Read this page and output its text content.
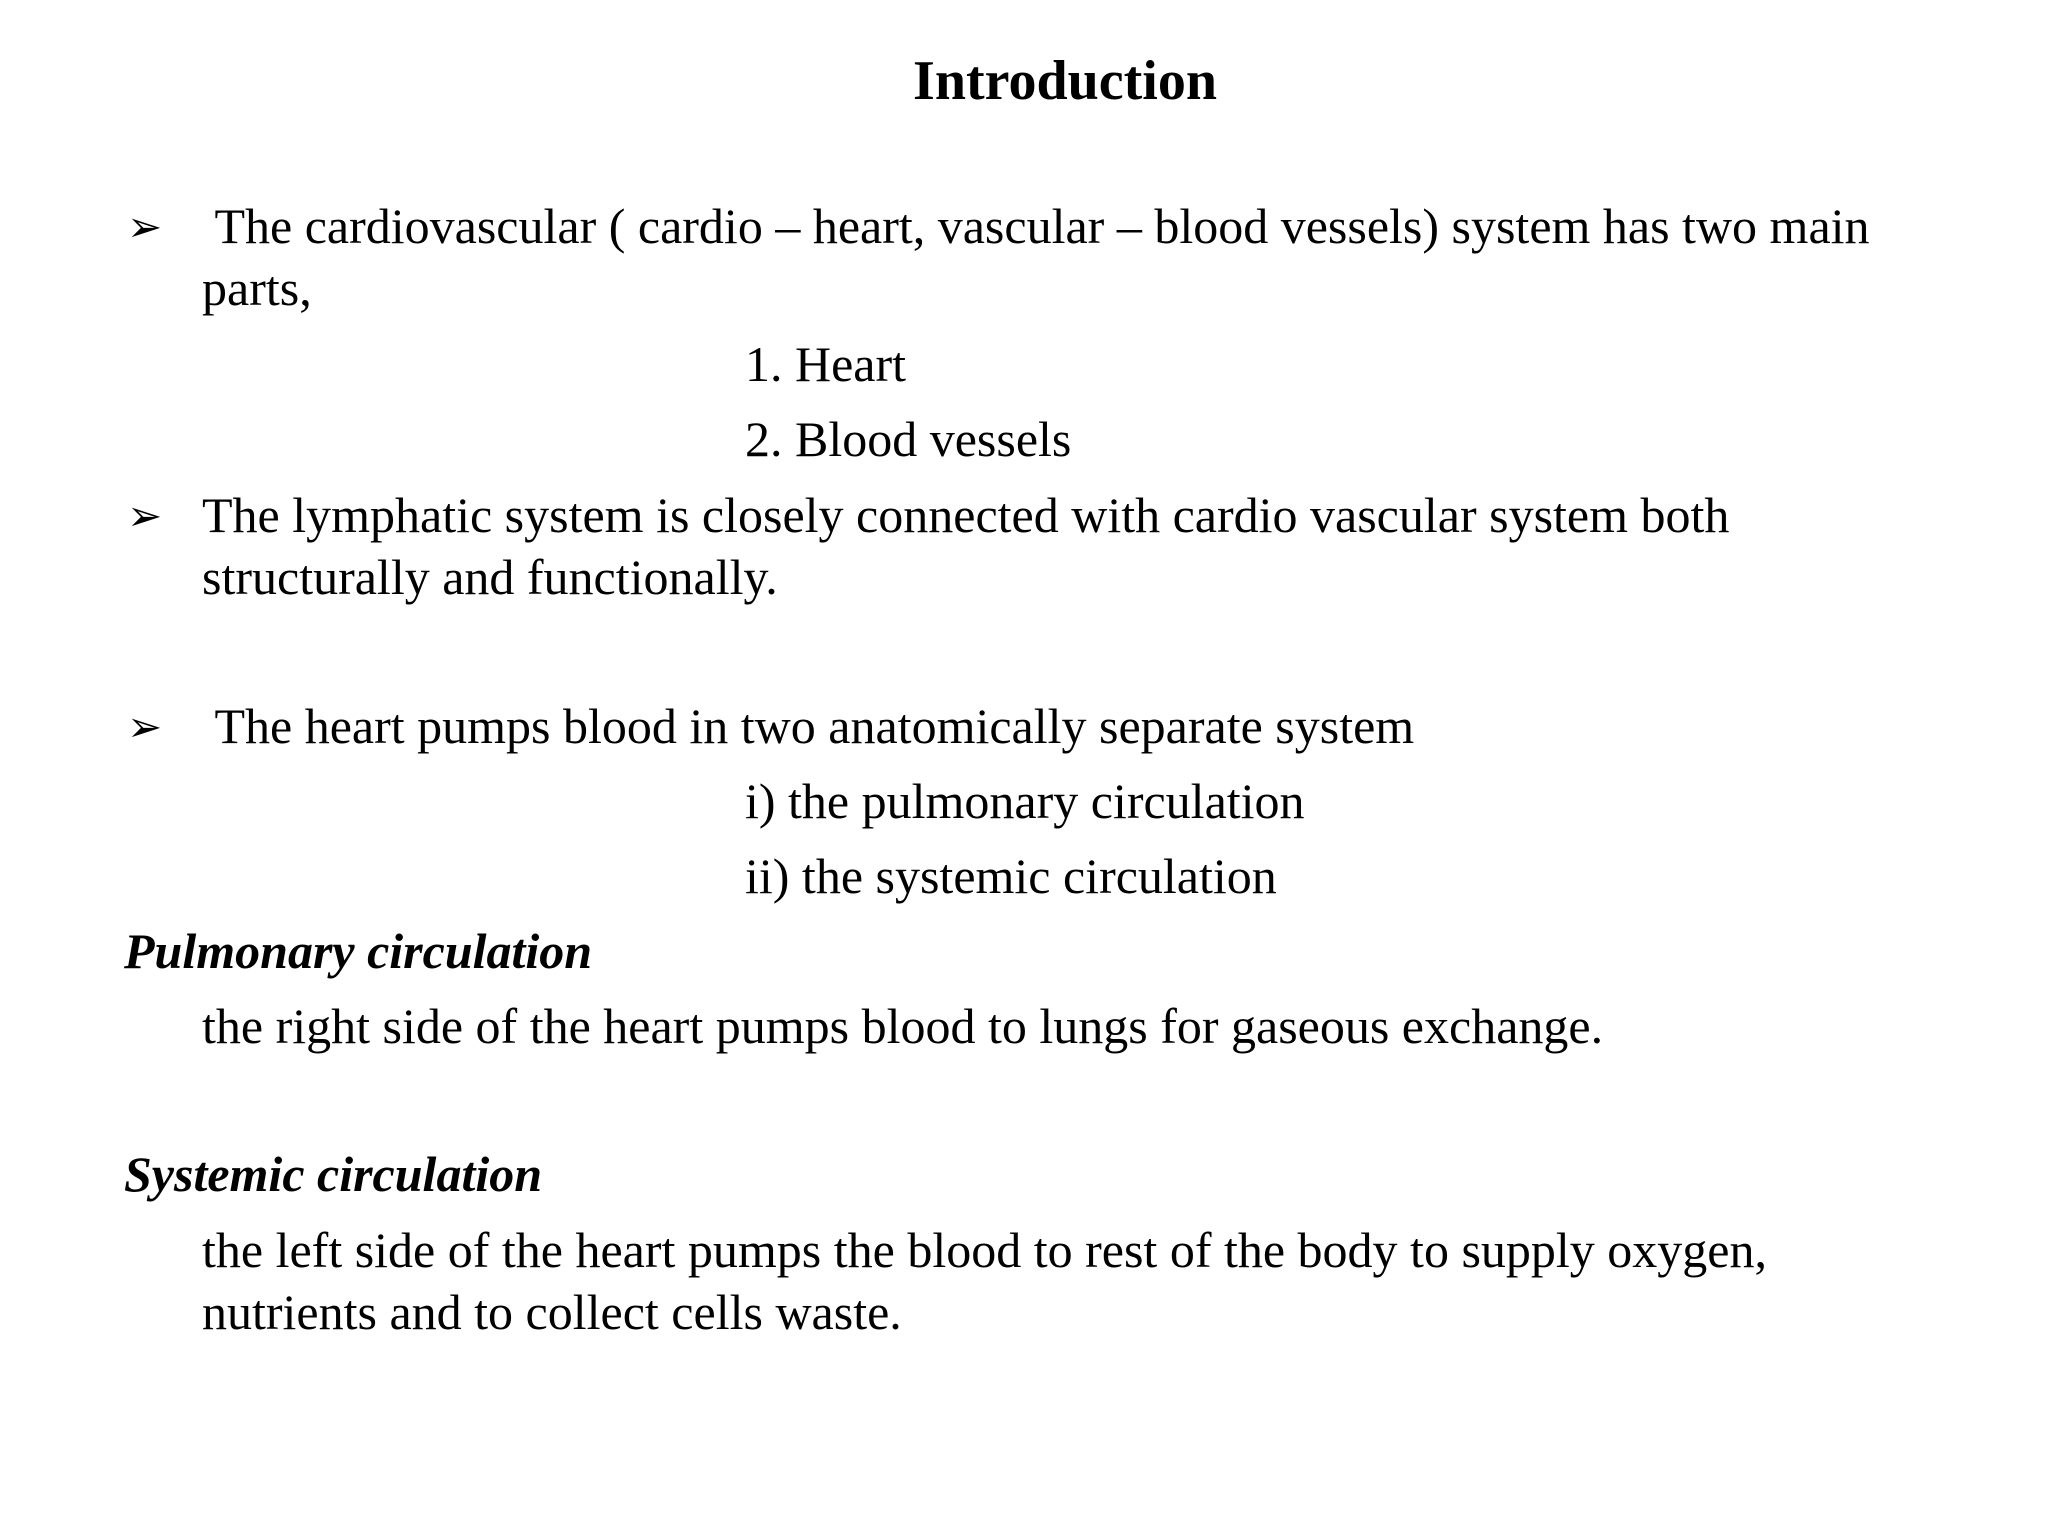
Introduction
➢ The cardiovascular ( cardio – heart, vascular – blood vessels) system has two main

parts,

1. Heart

2. Blood vessels

➢ The lymphatic system is closely connected with cardio vascular system both

structurally and functionally.

➢ The heart pumps blood in two anatomically separate system

i) the pulmonary circulation

ii) the systemic circulation

Pulmonary circulation

the right side of the heart pumps blood to lungs for gaseous exchange.

Systemic circulation

the left side of the heart pumps the blood to rest of the body to supply oxygen,

nutrients and to collect cells waste.
